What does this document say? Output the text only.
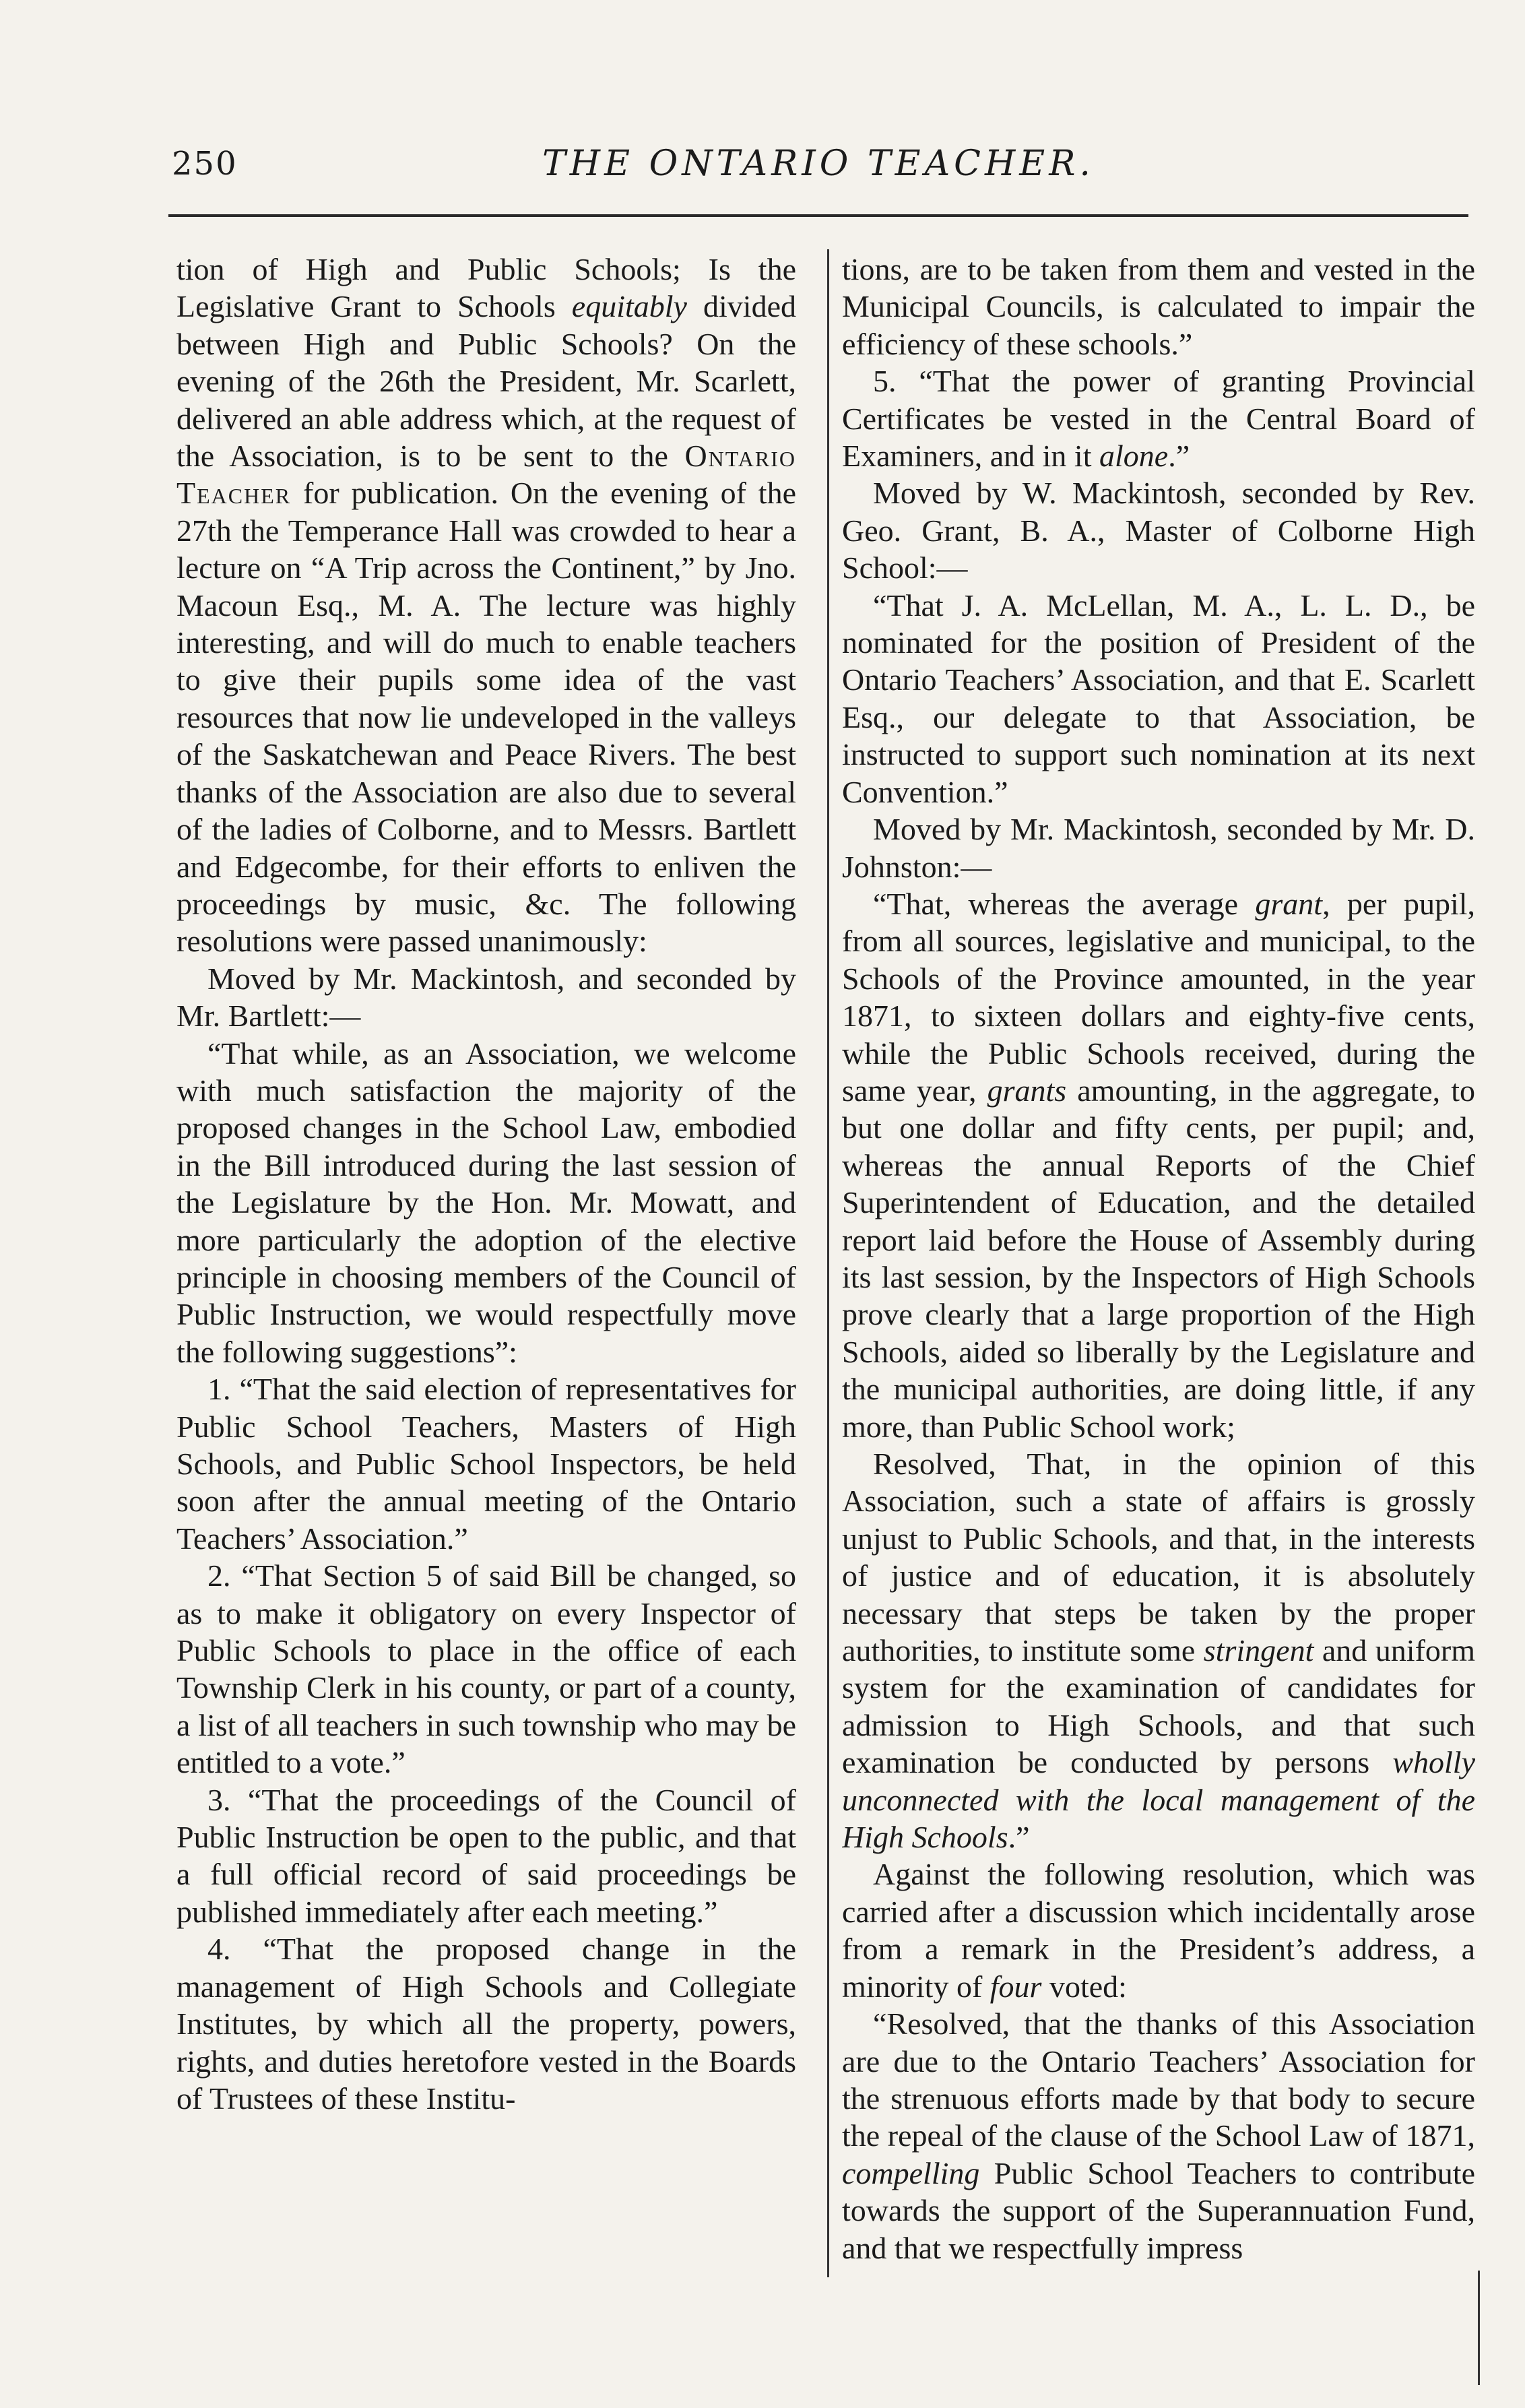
250	THE ONTARIO TEACHER.

tion of High and Public Schools; Is the Legislative Grant to Schools equitably divided between High and Public Schools? On the evening of the 26th the President, Mr. Scarlett, delivered an able address which, at the request of the Association, is to be sent to the Ontario Teacher for publication. On the evening of the 27th the Temperance Hall was crowded to hear a lecture on “A Trip across the Continent,” by Jno. Macoun Esq., M. A. The lecture was highly interesting, and will do much to enable teachers to give their pupils some idea of the vast resources that now lie undeveloped in the valleys of the Saskatchewan and Peace Rivers. The best thanks of the Association are also due to several of the ladies of Colborne, and to Messrs. Bartlett and Edgecombe, for their efforts to enliven the proceedings by music, &c. The following resolutions were passed unanimously:

Moved by Mr. Mackintosh, and seconded by Mr. Bartlett:—

“That while, as an Association, we welcome with much satisfaction the majority of the proposed changes in the School Law, embodied in the Bill introduced during the last session of the Legislature by the Hon. Mr. Mowatt, and more particularly the adoption of the elective principle in choosing members of the Council of Public Instruction, we would respectfully move the following suggestions”:

1. “That the said election of representatives for Public School Teachers, Masters of High Schools, and Public School Inspectors, be held soon after the annual meeting of the Ontario Teachers’ Association.”

2. “That Section 5 of said Bill be changed, so as to make it obligatory on every Inspector of Public Schools to place in the office of each Township Clerk in his county, or part of a county, a list of all teachers in such township who may be entitled to a vote.”

3. “That the proceedings of the Council of Public Instruction be open to the public, and that a full official record of said proceedings be published immediately after each meeting.”

4. “That the proposed change in the management of High Schools and Collegiate Institutes, by which all the property, powers, rights, and duties heretofore vested in the Boards of Trustees of these Institu-

tions, are to be taken from them and vested in the Municipal Councils, is calculated to impair the efficiency of these schools.”

5. “That the power of granting Provincial Certificates be vested in the Central Board of Examiners, and in it alone.”

Moved by W. Mackintosh, seconded by Rev. Geo. Grant, B. A., Master of Colborne High School:—

“That J. A. McLellan, M. A., L. L. D., be nominated for the position of President of the Ontario Teachers’ Association, and that E. Scarlett Esq., our delegate to that Association, be instructed to support such nomination at its next Convention.”

Moved by Mr. Mackintosh, seconded by Mr. D. Johnston:—

“That, whereas the average grant, per pupil, from all sources, legislative and municipal, to the Schools of the Province amounted, in the year 1871, to sixteen dollars and eighty-five cents, while the Public Schools received, during the same year, grants amounting, in the aggregate, to but one dollar and fifty cents, per pupil; and, whereas the annual Reports of the Chief Superintendent of Education, and the detailed report laid before the House of Assembly during its last session, by the Inspectors of High Schools prove clearly that a large proportion of the High Schools, aided so liberally by the Legislature and the municipal authorities, are doing little, if any more, than Public School work;

Resolved, That, in the opinion of this Association, such a state of affairs is grossly unjust to Public Schools, and that, in the interests of justice and of education, it is absolutely necessary that steps be taken by the proper authorities, to institute some stringent and uniform system for the examination of candidates for admission to High Schools, and that such examination be conducted by persons wholly unconnected with the local management of the High Schools.”

Against the following resolution, which was carried after a discussion which incidentally arose from a remark in the President’s address, a minority of four voted:

“Resolved, that the thanks of this Association are due to the Ontario Teachers’ Association for the strenuous efforts made by that body to secure the repeal of the clause of the School Law of 1871, compelling Public School Teachers to contribute towards the support of the Superannuation Fund, and that we respectfully impress
